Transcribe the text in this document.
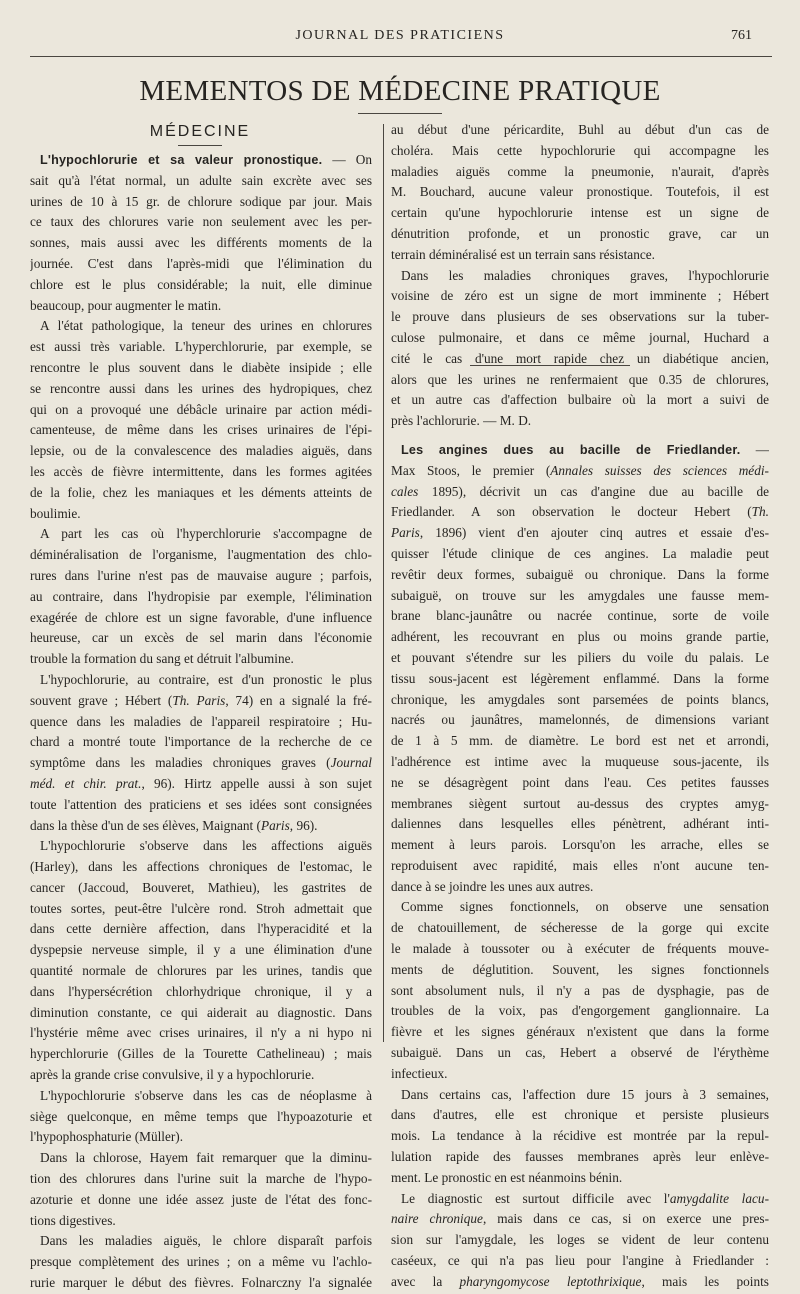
JOURNAL DES PRATICIENS	761
MEMENTOS DE MÉDECINE PRATIQUE
MÉDECINE
L'hypochlorurie et sa valeur pronostique. — On
sait qu'à l'état normal, un adulte sain excrète avec ses
urines de 10 à 15 gr. de chlorure sodique par jour. Mais
ce taux des chlorures varie non seulement avec les per-
sonnes, mais aussi avec les différents moments de la
journée. C'est dans l'après-midi que l'élimination du
chlore est le plus considérable; la nuit, elle diminue
beaucoup, pour augmenter le matin.
A l'état pathologique, la teneur des urines en chlorures
est aussi très variable. L'hyperchlorurie, par exemple, se
rencontre le plus souvent dans le diabète insipide ; elle
se rencontre aussi dans les urines des hydropiques, chez
qui on a provoqué une débâcle urinaire par action médi-
camenteuse, de même dans les crises urinaires de l'épi-
lepsie, ou de la convalescence des maladies aiguës, dans
les accès de fièvre intermittente, dans les formes agitées
de la folie, chez les maniaques et les déments atteints de
boulimie.
A part les cas où l'hyperchlorurie s'accompagne de
déminéralisation de l'organisme, l'augmentation des chlo-
rures dans l'urine n'est pas de mauvaise augure ; parfois,
au contraire, dans l'hydropisie par exemple, l'élimination
exagérée de chlore est un signe favorable, d'une influence
heureuse, car un excès de sel marin dans l'économie
trouble la formation du sang et détruit l'albumine.
L'hypochlorurie, au contraire, est d'un pronostic le plus
souvent grave ; Hébert (Th. Paris, 74) en a signalé la fré-
quence dans les maladies de l'appareil respiratoire ; Hu-
chard a montré toute l'importance de la recherche de ce
symptôme dans les maladies chroniques graves (Journal
méd. et chir. prat., 96). Hirtz appelle aussi à son sujet
toute l'attention des praticiens et ses idées sont consignées
dans la thèse d'un de ses élèves, Maignant (Paris, 96).
L'hypochlorurie s'observe dans les affections aiguës
(Harley), dans les affections chroniques de l'estomac, le
cancer (Jaccoud, Bouveret, Mathieu), les gastrites de
toutes sortes, peut-être l'ulcère rond. Stroh admettait que
dans cette dernière affection, dans l'hyperacidité et la
dyspepsie nerveuse simple, il y a une élimination d'une
quantité normale de chlorures par les urines, tandis que
dans l'hypersécrétion chlorhydrique chronique, il y a
diminution constante, ce qui aiderait au diagnostic. Dans
l'hystérie même avec crises urinaires, il n'y a ni hypo ni
hyperchlorurie (Gilles de la Tourette Cathelineau) ; mais
après la grande crise convulsive, il y a hypochlorurie.
L'hypochlorurie s'observe dans les cas de néoplasme à
siège quelconque, en même temps que l'hypoazoturie et
l'hypophosphaturie (Müller).
Dans la chlorose, Hayem fait remarquer que la diminu-
tion des chlorures dans l'urine suit la marche de l'hypo-
azoturie et donne une idée assez juste de l'état des fonc-
tions digestives.
Dans les maladies aiguës, le chlore disparaît parfois
presque complètement des urines ; on a même vu l'achlo-
rurie marquer le début des fièvres. Folnarczny l'a signalée
au début d'une péricardite, Buhl au début d'un cas de
choléra. Mais cette hypochlorurie qui accompagne les
maladies aiguës comme la pneumonie, n'aurait, d'après
M. Bouchard, aucune valeur pronostique. Toutefois, il est
certain qu'une hypochlorurie intense est un signe de
dénutrition profonde, et un pronostic grave, car un
terrain déminéralisé est un terrain sans résistance.
Dans les maladies chroniques graves, l'hypochlorurie
voisine de zéro est un signe de mort imminente ; Hébert
le prouve dans plusieurs de ses observations sur la tuber-
culose pulmonaire, et dans ce même journal, Huchard a
cité le cas d'une mort rapide chez un diabétique ancien,
alors que les urines ne renfermaient que 0.35 de chlorures,
et un autre cas d'affection bulbaire où la mort a suivi de
près l'achlorurie. — M. D.
Les angines dues au bacille de Friedlander. —
Max Stoos, le premier (Annales suisses des sciences médi-
cales 1895), décrivit un cas d'angine due au bacille de
Friedlander. A son observation le docteur Hebert (Th.
Paris, 1896) vient d'en ajouter cinq autres et essaie d'es-
quisser l'étude clinique de ces angines. La maladie peut
revêtir deux formes, subaiguë ou chronique. Dans la forme
subaiguë, on trouve sur les amygdales une fausse mem-
brane blanc-jaunâtre ou nacrée continue, sorte de voile
adhérent, les recouvrant en plus ou moins grande partie,
et pouvant s'étendre sur les piliers du voile du palais. Le
tissu sous-jacent est légèrement enflammé. Dans la forme
chronique, les amygdales sont parsemées de points blancs,
nacrés ou jaunâtres, mamelonnés, de dimensions variant
de 1 à 5 mm. de diamètre. Le bord est net et arrondi,
l'adhérence est intime avec la muqueuse sous-jacente, ils
ne se désagrègent point dans l'eau. Ces petites fausses
membranes siègent surtout au-dessus des cryptes amyg-
daliennes dans lesquelles elles pénètrent, adhérant inti-
mement à leurs parois. Lorsqu'on les arrache, elles se
reproduisent avec rapidité, mais elles n'ont aucune ten-
dance à se joindre les unes aux autres.
Comme signes fonctionnels, on observe une sensation
de chatouillement, de sécheresse de la gorge qui excite
le malade à toussoter ou à exécuter de fréquents mouve-
ments de déglutition. Souvent, les signes fonctionnels
sont absolument nuls, il n'y a pas de dysphagie, pas de
troubles de la voix, pas d'engorgement ganglionnaire. La
fièvre et les signes généraux n'existent que dans la forme
subaiguë. Dans un cas, Hebert a observé de l'érythème
infectieux.
Dans certains cas, l'affection dure 15 jours à 3 semaines,
dans d'autres, elle est chronique et persiste plusieurs
mois. La tendance à la récidive est montrée par la repul-
lulation rapide des fausses membranes après leur enlève-
ment. Le pronostic en est néanmoins bénin.
Le diagnostic est surtout difficile avec l'amygdalite lacu-
naire chronique, mais dans ce cas, si on exerce une pres-
sion sur l'amygdale, les loges se vident de leur contenu
caséeux, ce qui n'a pas lieu pour l'angine à Friedlander :
avec la pharyngomycose leptothrixique, mais les points
